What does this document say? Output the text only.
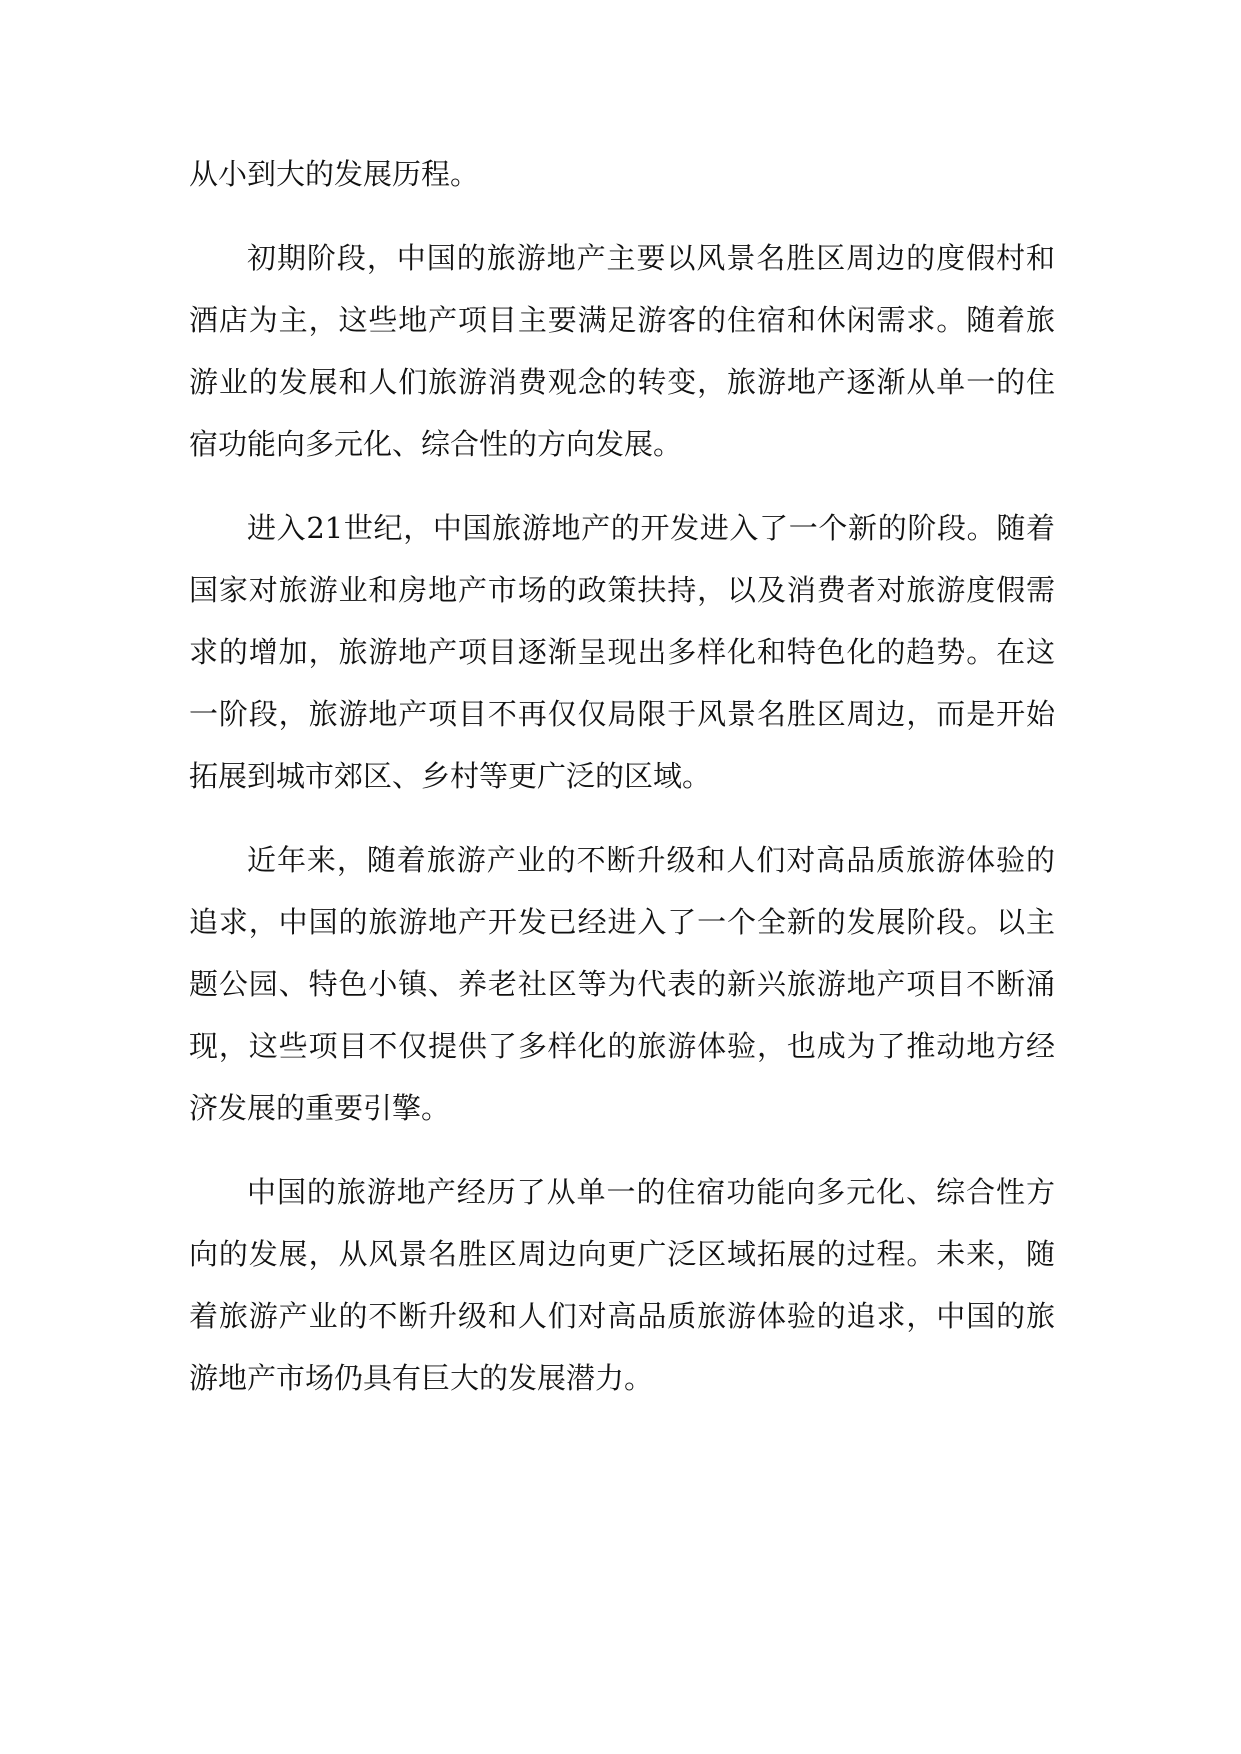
从小到大的发展历程。

初期阶段，中国的旅游地产主要以风景名胜区周边的度假村和酒店为主，这些地产项目主要满足游客的住宿和休闲需求。随着旅游业的发展和人们旅游消费观念的转变，旅游地产逐渐从单一的住宿功能向多元化、综合性的方向发展。

进入21世纪，中国旅游地产的开发进入了一个新的阶段。随着国家对旅游业和房地产市场的政策扶持，以及消费者对旅游度假需求的增加，旅游地产项目逐渐呈现出多样化和特色化的趋势。在这一阶段，旅游地产项目不再仅仅局限于风景名胜区周边，而是开始拓展到城市郊区、乡村等更广泛的区域。

近年来，随着旅游产业的不断升级和人们对高品质旅游体验的追求，中国的旅游地产开发已经进入了一个全新的发展阶段。以主题公园、特色小镇、养老社区等为代表的新兴旅游地产项目不断涌现，这些项目不仅提供了多样化的旅游体验，也成为了推动地方经济发展的重要引擎。

中国的旅游地产经历了从单一的住宿功能向多元化、综合性方向的发展，从风景名胜区周边向更广泛区域拓展的过程。未来，随着旅游产业的不断升级和人们对高品质旅游体验的追求，中国的旅游地产市场仍具有巨大的发展潜力。
